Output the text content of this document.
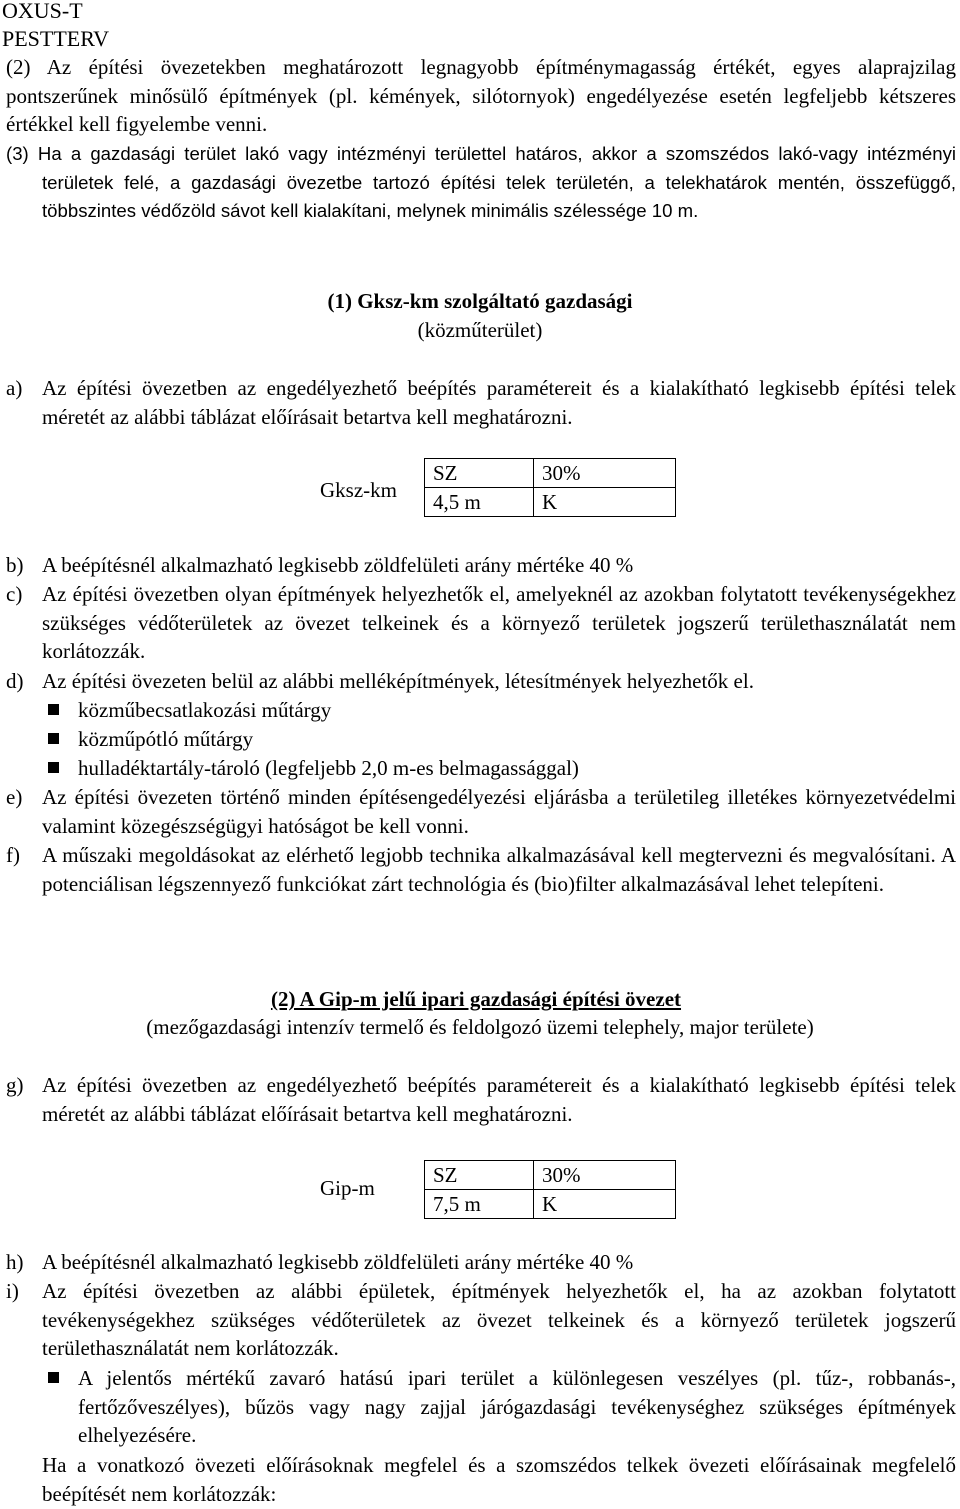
OXUS-T
PESTTERV
(2) Az építési övezetekben meghatározott legnagyobb építménymagasság értékét, egyes alaprajzilag pontszerűnek minősülő építmények (pl. kémények, silótornyok) engedélyezése esetén legfeljebb kétszeres értékkel kell figyelembe venni.
(3) Ha a gazdasági terület lakó vagy intézményi területtel határos, akkor a szomszédos lakó-vagy intézményi területek felé, a gazdasági övezetbe tartozó építési telek területén, a telekhatárok mentén, összefüggő, többszintes védőzöld sávot kell kialakítani, melynek minimális szélessége 10 m.
(1) Gksz-km szolgáltató gazdasági
(közműterület)
a) Az építési övezetben az engedélyezhető beépítés paramétereit és a kialakítható legkisebb építési telek méretét az alábbi táblázat előírásait betartva kell meghatározni.
Gksz-km
SZ	30%
4,5 m	K
b) A beépítésnél alkalmazható legkisebb zöldfelületi arány mértéke 40 %
c) Az építési övezetben olyan építmények helyezhetők el, amelyeknél az azokban folytatott tevékenységekhez szükséges védőterületek az övezet telkeinek és a környező területek jogszerű területhasználatát nem korlátozzák.
d) Az építési övezeten belül az alábbi melléképítmények, létesítmények helyezhetők el.
közműbecsatlakozási műtárgy
közműpótló műtárgy
hulladéktartály-tároló (legfeljebb 2,0 m-es belmagassággal)
e) Az építési övezeten történő minden építésengedélyezési eljárásba a területileg illetékes környezetvédelmi valamint közegészségügyi hatóságot be kell vonni.
f) A műszaki megoldásokat az elérhető legjobb technika alkalmazásával kell megtervezni és megvalósítani. A potenciálisan légszennyező funkciókat zárt technológia és (bio)filter alkalmazásával lehet telepíteni.
(2) A Gip-m jelű ipari gazdasági építési övezet
(mezőgazdasági intenzív termelő és feldolgozó üzemi telephely, major területe)
g) Az építési övezetben az engedélyezhető beépítés paramétereit és a kialakítható legkisebb építési telek méretét az alábbi táblázat előírásait betartva kell meghatározni.
Gip-m
SZ	30%
7,5 m	K
h) A beépítésnél alkalmazható legkisebb zöldfelületi arány mértéke 40 %
i) Az építési övezetben az alábbi épületek, építmények helyezhetők el, ha az azokban folytatott tevékenységekhez szükséges védőterületek az övezet telkeinek és a környező területek jogszerű területhasználatát nem korlátozzák.
A jelentős mértékű zavaró hatású ipari terület a különlegesen veszélyes (pl. tűz-, robbanás-, fertőzőveszélyes), bűzös vagy nagy zajjal járógazdasági tevékenységhez szükséges építmények elhelyezésére.
Ha a vonatkozó övezeti előírásoknak megfelel és a szomszédos telkek övezeti előírásainak megfelelő beépítését nem korlátozzák:
